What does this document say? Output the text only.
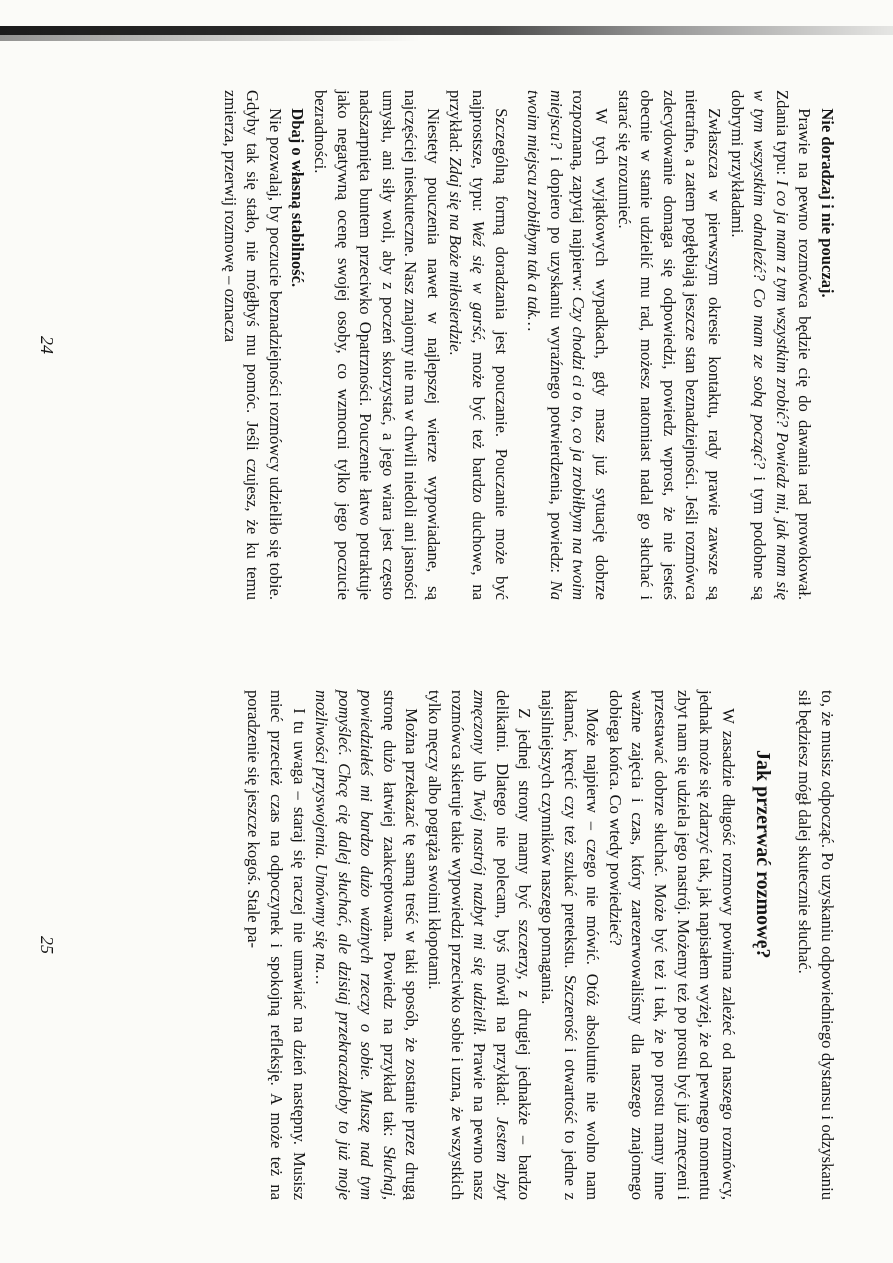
Nie doradzaj i nie pouczaj.

Prawie na pewno rozmówca będzie cię do dawania rad prowokował. Zdania typu: I co ja mam z tym wszystkim zrobić? Powiedz mi, jak mam się w tym wszystkim odnaleźć? Co mam ze sobą począć? i tym podobne są dobrymi przykładami.

Zwłaszcza w pierwszym okresie kontaktu, rady prawie zawsze są nietrafne, a zatem pogłębiają jeszcze stan beznadziejności. Jeśli rozmówca zdecydowanie domaga się odpowiedzi, powiedz wprost, że nie jesteś obecnie w stanie udzielić mu rad, możesz natomiast nadal go słuchać i starać się zrozumieć.

W tych wyjątkowych wypadkach, gdy masz już sytuację dobrze rozpoznaną, zapytaj najpierw: Czy chodzi ci o to, co ja zrobiłbym na twoim miejscu? i dopiero po uzyskaniu wyraźnego potwierdzenia, powiedz: Na twoim miejscu zrobiłbym tak a tak…

Szczególną formą doradzania jest pouczanie. Pouczanie może być najprostsze, typu: Weź się w garść, może być też bardzo duchowe, na przykład: Zdaj się na Boże miłosierdzie.

Niestety pouczenia nawet w najlepszej wierze wypowiadane, są najczęściej nieskuteczne. Nasz znajomy nie ma w chwili niedoli ani jasności umysłu, ani siły woli, aby z poczeń skorzystać, a jego wiara jest często nadszarpnięta buntem przeciwko Opatrzności. Pouczenie łatwo potraktuje jako negatywną ocenę swojej osoby, co wzmocni tylko jego poczucie bezradności.

Dbaj o własną stabilność.

Nie pozwalaj, by poczucie beznadziejności rozmówcy udzieliło się tobie. Gdyby tak się stało, nie mógłbyś mu pomóc. Jeśli czujesz, że ku temu zmierza, przerwij rozmowę – oznacza

24

to, że musisz odpocząć. Po uzyskaniu odpowiedniego dystansu i odzyskaniu sił będziesz mógł dalej skutecznie słuchać.

Jak przerwać rozmowę?

W zasadzie długość rozmowy powinna zależeć od naszego rozmówcy, jednak może się zdarzyć tak, jak napisałem wyżej, że od pewnego momentu zbyt nam się udziela jego nastrój. Możemy też po prostu być już zmęczeni i przestawać dobrze słuchać. Może być też i tak, że po prostu mamy inne ważne zajęcia i czas, który zarezerwowaliśmy dla naszego znajomego dobiega końca. Co wtedy powiedzieć?

Może najpierw – czego nie mówić. Otóż absolutnie nie wolno nam kłamać, kręcić czy też szukać pretekstu. Szczerość i otwartość to jedne z najsilniejszych czynników naszego pomagania.

Z jednej strony mamy być szczerzy, z drugiej jednakże – bardzo delikatni. Dlatego nie polecam, byś mówił na przykład: Jestem zbyt zmęczony lub Twój nastrój nazbyt mi się udzielił. Prawie na pewno nasz rozmówca skieruje takie wypowiedzi przeciwko sobie i uzna, że wszystkich tylko męczy albo pogrąża swoimi kłopotami.

Można przekazać tę samą treść w taki sposób, że zostanie przez drugą stronę dużo łatwiej zaakceptowana. Powiedz na przykład tak: Słuchaj, powiedziałeś mi bardzo dużo ważnych rzeczy o sobie. Muszę nad tym pomyśleć. Chcę cię dalej słuchać, ale dzisiaj przekraczałoby to już moje możliwości przyswojenia. Umówmy się na…

I tu uwaga – staraj się raczej nie umawiać na dzień następny. Musisz mieć przecież czas na odpoczynek i spokojną refleksję. A może też na poradzenie się jeszcze kogoś. Stale pa-

25
